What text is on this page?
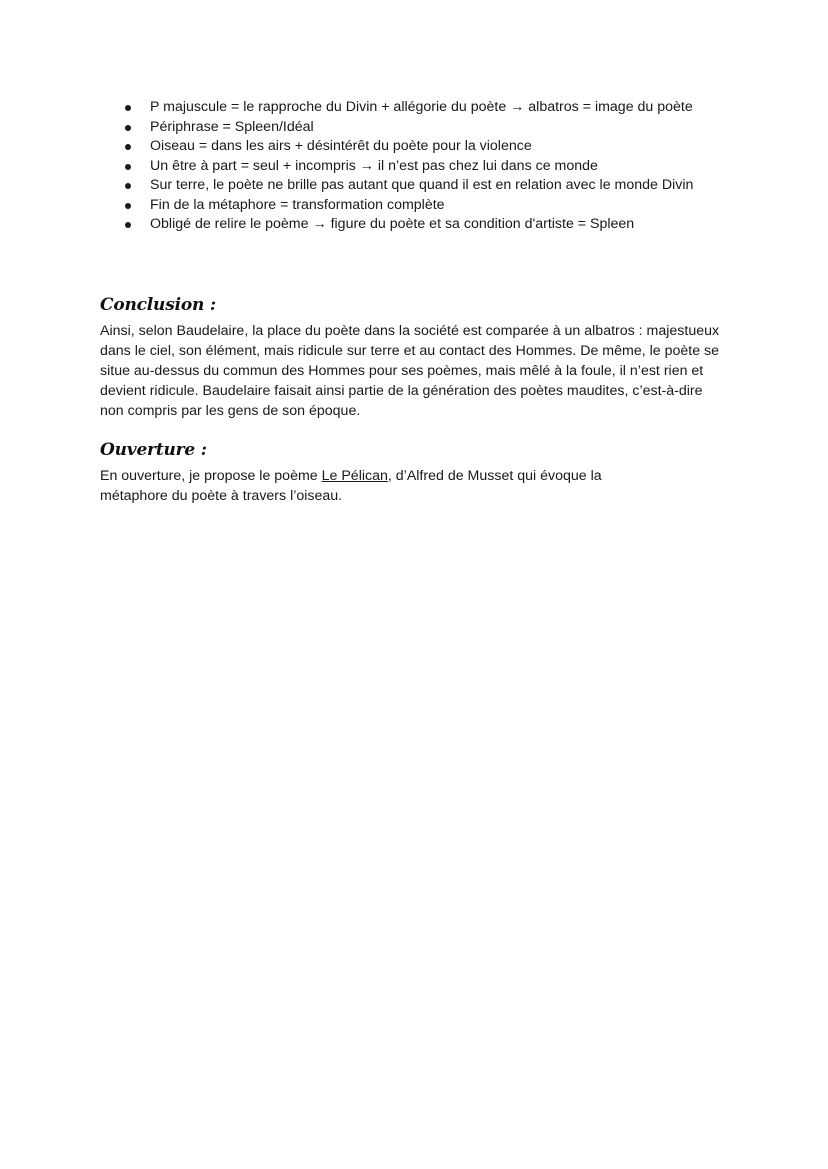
P majuscule = le rapproche du Divin + allégorie du poète → albatros = image du poète
Périphrase = Spleen/Idéal
Oiseau = dans les airs + désintérêt du poète pour la violence
Un être à part = seul + incompris → il n’est pas chez lui dans ce monde
Sur terre, le poète ne brille pas autant que quand il est en relation avec le monde Divin
Fin de la métaphore = transformation complète
Obligé de relire le poème → figure du poète et sa condition d'artiste = Spleen
Conclusion :

Ainsi, selon Baudelaire, la place du poète dans la société est comparée à un albatros : majestueux dans le ciel, son élément, mais ridicule sur terre et au contact des Hommes. De même, le poète se situe au-dessus du commun des Hommes pour ses poèmes, mais mêlé à la foule, il n’est rien et devient ridicule. Baudelaire faisait ainsi partie de la génération des poètes maudites, c’est-à-dire non compris par les gens de son époque.

Ouverture :

En ouverture, je propose le poème Le Pélican, d’Alfred de Musset qui évoque la métaphore du poète à travers l’oiseau.
